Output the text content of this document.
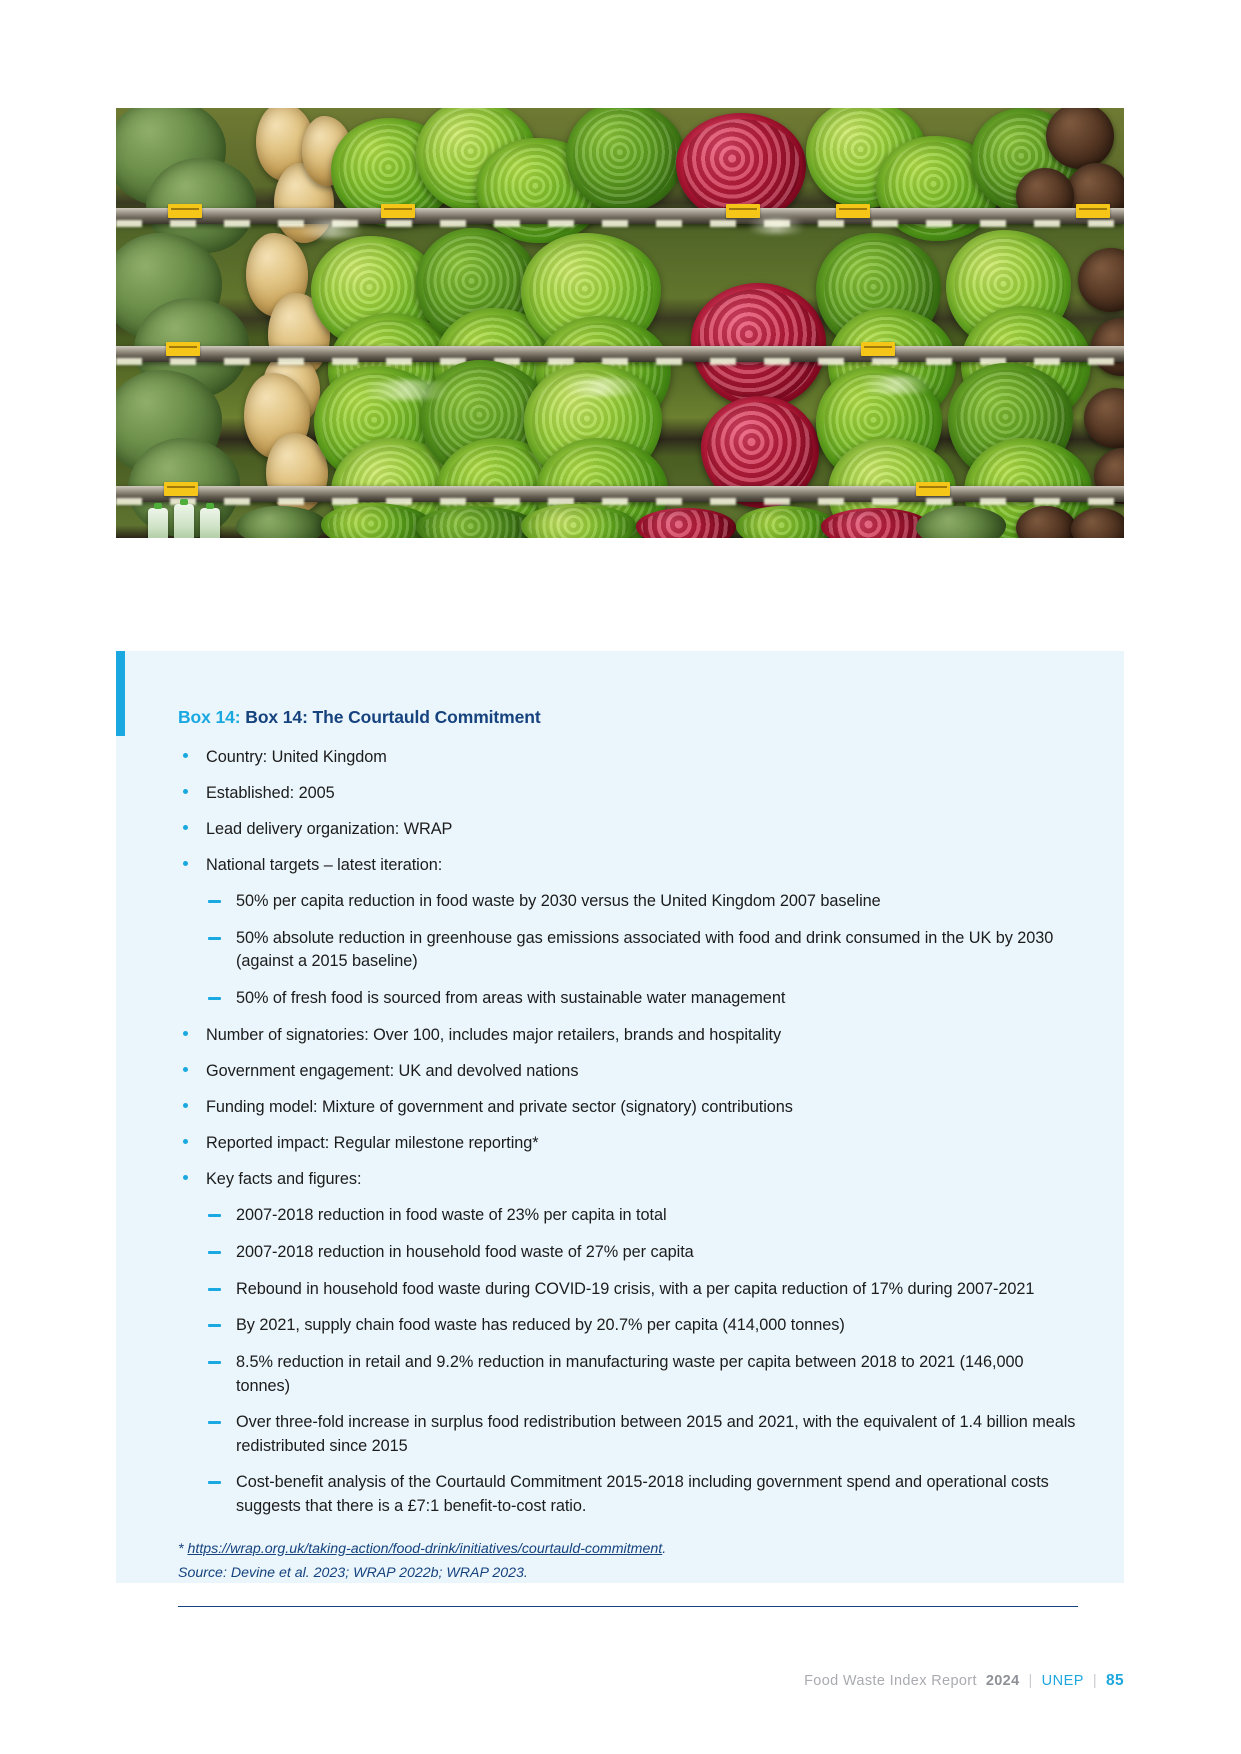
Box 14: Box 14: The Courtauld Commitment
Country: United Kingdom
Established: 2005
Lead delivery organization: WRAP
National targets – latest iteration:
50% per capita reduction in food waste by 2030 versus the United Kingdom 2007 baseline
50% absolute reduction in greenhouse gas emissions associated with food and drink consumed in the UK by 2030 (against a 2015 baseline)
50% of fresh food is sourced from areas with sustainable water management
Number of signatories: Over 100, includes major retailers, brands and hospitality
Government engagement: UK and devolved nations
Funding model: Mixture of government and private sector (signatory) contributions
Reported impact: Regular milestone reporting*
Key facts and figures:
2007-2018 reduction in food waste of 23% per capita in total
2007-2018 reduction in household food waste of 27% per capita
Rebound in household food waste during COVID-19 crisis, with a per capita reduction of 17% during 2007-2021
By 2021, supply chain food waste has reduced by 20.7% per capita (414,000 tonnes)
8.5% reduction in retail and 9.2% reduction in manufacturing waste per capita between 2018 to 2021 (146,000 tonnes)
Over three-fold increase in surplus food redistribution between 2015 and 2021, with the equivalent of 1.4 billion meals redistributed since 2015
Cost-benefit analysis of the Courtauld Commitment 2015-2018 including government spend and operational costs suggests that there is a £7:1 benefit-to-cost ratio.
* https://wrap.org.uk/taking-action/food-drink/initiatives/courtauld-commitment.
Source: Devine et al. 2023; WRAP 2022b; WRAP 2023.
Food Waste Index Report 2024 | UNEP | 85
